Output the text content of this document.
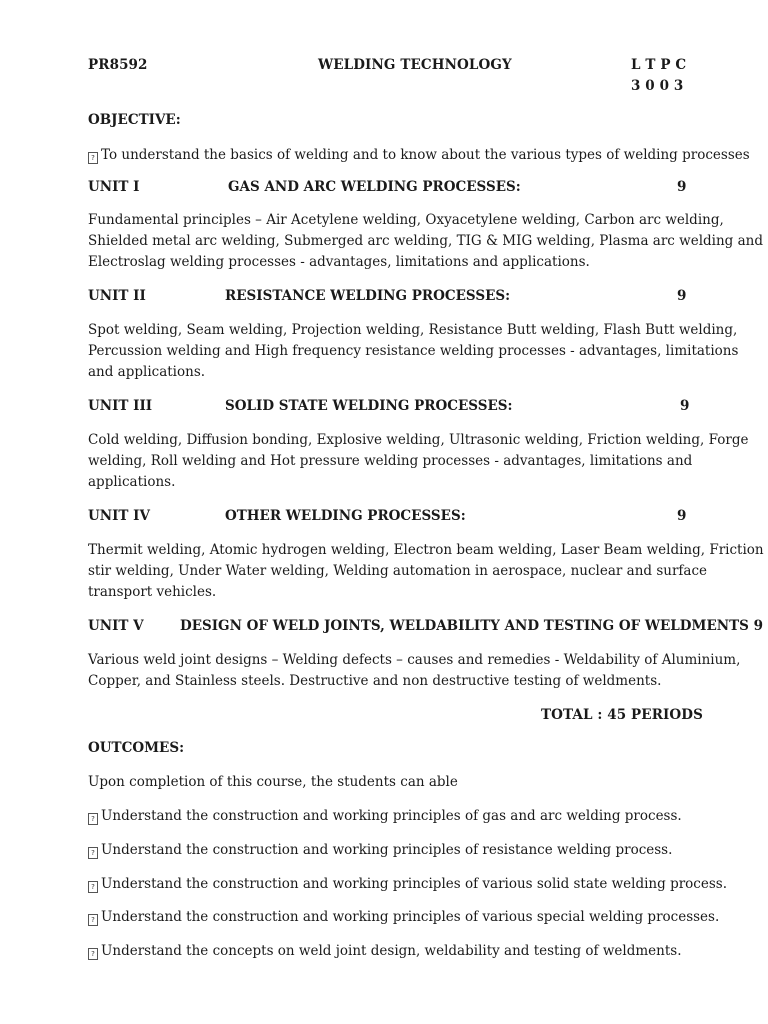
PR8592	WELDING TECHNOLOGY	L T P C
3 0 0 3
OBJECTIVE:
? To understand the basics of welding and to know about the various types of welding processes
UNIT I	GAS AND ARC WELDING PROCESSES:	9
Fundamental principles – Air Acetylene welding, Oxyacetylene welding, Carbon arc welding,
Shielded metal arc welding, Submerged arc welding, TIG & MIG welding, Plasma arc welding and
Electroslag welding processes - advantages, limitations and applications.
UNIT II	RESISTANCE WELDING PROCESSES:	9
Spot welding, Seam welding, Projection welding, Resistance Butt welding, Flash Butt welding,
Percussion welding and High frequency resistance welding processes - advantages, limitations
and applications.
UNIT III	SOLID STATE WELDING PROCESSES:	9
Cold welding, Diffusion bonding, Explosive welding, Ultrasonic welding, Friction welding, Forge
welding, Roll welding and Hot pressure welding processes - advantages, limitations and
applications.
UNIT IV	OTHER WELDING PROCESSES:	9
Thermit welding, Atomic hydrogen welding, Electron beam welding, Laser Beam welding, Friction
stir welding, Under Water welding, Welding automation in aerospace, nuclear and surface
transport vehicles.
UNIT V	DESIGN OF WELD JOINTS, WELDABILITY AND TESTING OF WELDMENTS 9
Various weld joint designs – Welding defects – causes and remedies - Weldability of Aluminium,
Copper, and Stainless steels. Destructive and non destructive testing of weldments.
TOTAL : 45 PERIODS
OUTCOMES:
Upon completion of this course, the students can able
? Understand the construction and working principles of gas and arc welding process.
? Understand the construction and working principles of resistance welding process.
? Understand the construction and working principles of various solid state welding process.
? Understand the construction and working principles of various special welding processes.
? Understand the concepts on weld joint design, weldability and testing of weldments.
